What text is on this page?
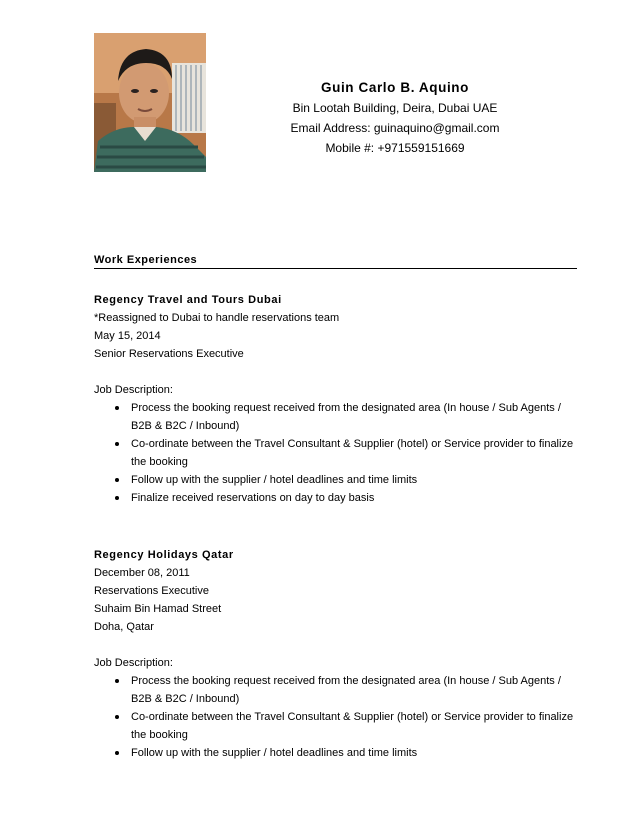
Guin Carlo B. Aquino
Bin Lootah Building, Deira, Dubai UAE
Email Address: guinaquino@gmail.com
Mobile #: +971559151669
Work Experiences
Regency Travel and Tours Dubai
*Reassigned to Dubai to handle reservations team
May 15, 2014
Senior Reservations Executive
Job Description:
Process the booking request received from the designated area (In house / Sub Agents / B2B & B2C / Inbound)
Co-ordinate between the Travel Consultant & Supplier (hotel) or Service provider to finalize the booking
Follow up with the supplier / hotel deadlines and time limits
Finalize received reservations on day to day basis
Regency Holidays Qatar
December 08, 2011
Reservations Executive
Suhaim Bin Hamad Street
Doha, Qatar
Job Description:
Process the booking request received from the designated area (In house / Sub Agents / B2B & B2C / Inbound)
Co-ordinate between the Travel Consultant & Supplier (hotel) or Service provider to finalize the booking
Follow up with the supplier / hotel deadlines and time limits
